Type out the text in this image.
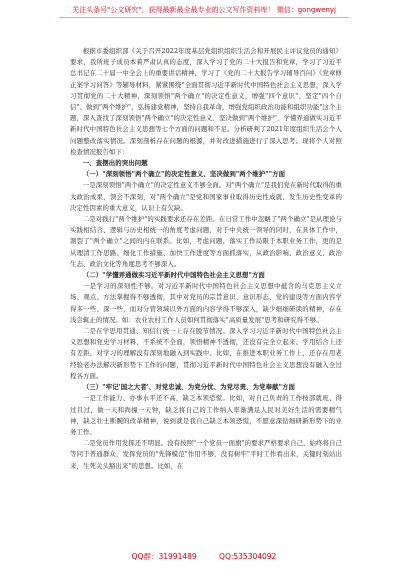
关注头条号"公文研究"，获得最新最全最专业的公文写作资料库！ 微信：gongwenyj

根据市委组织部《关于召开2022年度基层党组织组织生活会和开展民主评议党员的通知》要求，我所班子成员本着严肃认真的态度，深入学习了党的二十大报告和党章，学习了习近平总书记在二十届一中全会上的重要讲话精神，学习了《党的二十大报告学习辅导百问》《党章修正案学习问答》等辅导材料，紧紧围绕"全面贯彻习近平新时代中国特色社会主义思想，深入学习贯彻党的二十大精神，深刻领悟"两个确立"的决定性意义，增强"四个意识"、坚定"四个自信"、做到"两个维护"，弘扬建党精神，坚持自我革命，增强党组织政治功能和组织功能"这个主题，深入查找了深刻领悟"两个确立"的决定性意义、坚决做到"两个维护"，学懂弄通做实习近平新时代中国特色社会主义思想等七个方面的问题和不足。分析研判了2021年度组织生活会个人问题整改落实情况。深刻剖析存在问题的根源，并对改进措施进行了深入思考。现将个人对照检查情况报告如下：

一、查摆出的突出问题

（一）"深刻领悟"两个确立"的决定性意义、坚决做到"两个维护""方面

一是深刻领悟"两个确立"的决定性意义不够全面。对"两个确立"是我们党在新时代取得的重大政治成果，领会不深刻，对"两个确立"是党和国家事业取得历史性成就、发生历史性变革的决定性因素的重大意义，认识上有欠缺。

二是对践行"两个维护"的实践要求还存在差距。在日常工作中忽略了"两个确立"是从理论与实践相结合、逻辑与历史相统一的角度考虑问题，对于中央统一领导的同时，在具体工作中，割裂了"两个确立"之间的内在联系。比如，考虑问题、落实工作局限于本职业务工作，更的是从理清工作思路、细化工作措施、加快工作进度等方面抓落实，从政治影响、政治意义、政治生态、政治文化等角度思考不够深入。

（二）"学懂弄通做实习近平新时代中国特色社会主义思想"方面

一是学习的深刻性不够。对习近平新时代中国特色社会主义思想中蕴含的马克思主义立场、观点、方法掌握得不够透彻，其中对党员的宗旨意识、意识形态、党的建设等方面内容学得多一些、深一些，而对分管领域以外方面的内容学得不够深入，缺少细细研读的精神，存在浅尝辄止的情况。如：农业农村工作人员如何贯彻落实"高质量发展"思考和研究得不够。

二是在学思用贯通、知信行统一上存在脱节情况。深入学习习近平新时代中国特色社会主义思想和党史学习材料，不系统不全面，领悟精神不透彻，还没有完全立起来、学用结合上还有差距，对学习的理解没有深刻地融入到实践中。比如，在推进本职业务工作上，还存在用老经验老办法解决新形势下工作的问题，贯彻习近平新时代中国特色社会主义思想没有融入全过程各方面。

（三）"牢记'国之大者'、对党忠诚、为党分忧、为党尽责、为党奉献"方面

一是工作能力、办事水平还不高，缺乏本领恐慌。比如，对自己负责的工作按部就班、得过且过，做一天和尚撞一天钟，缺乏将自己的工作纳入率渐满足人民对美好生活的需要精气神，缺乏壮士断腕的改革精神，说到就是我自己缺乏本领恐慌，不愿意深钻细研新形势下的业务工作。

二是党员作用发挥还不明显。没有按照"一个党员一面旗"的要求严格要求自己，始终将自己等同于普通群众，发挥党员的"先锋模范"作用不够，没有树牢"平时工作看出来，关键时刻站出来，生死关头豁出来"的思想。比如，在

QQ群：31991489	QQ:535304092
